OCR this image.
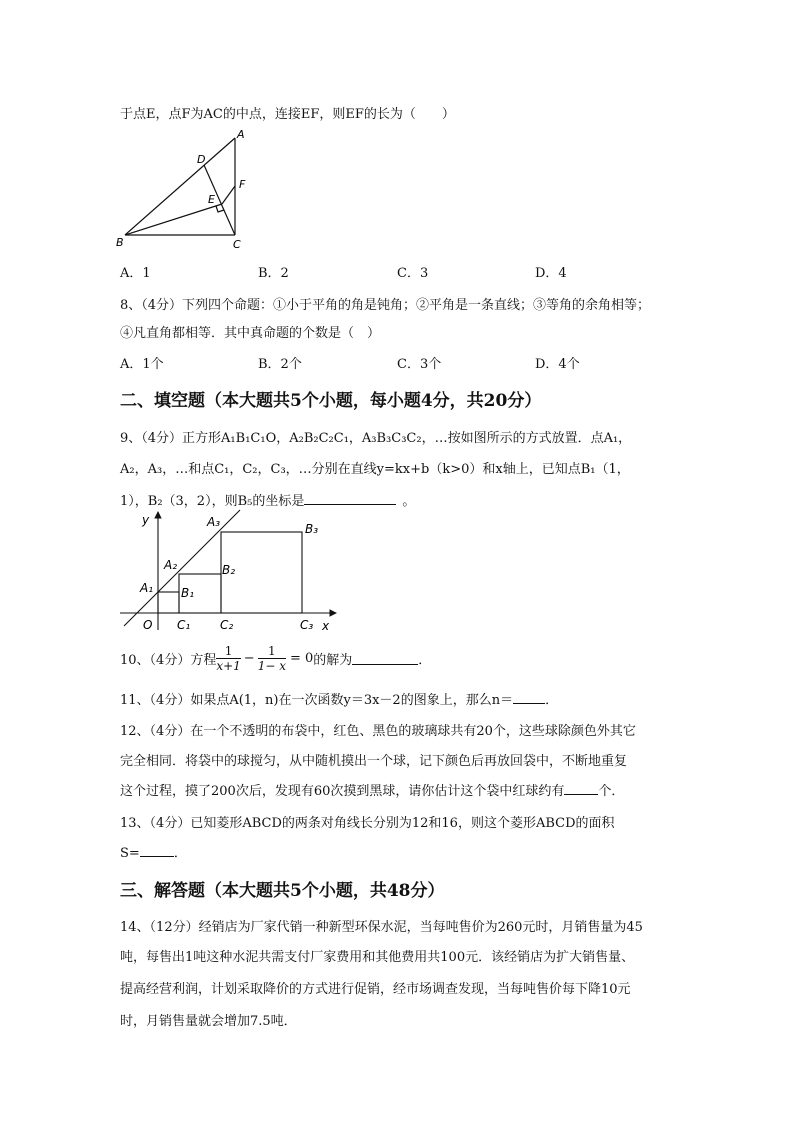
于点E，点F为AC的中点，连接EF，则EF的长为（　　）
A
B	C
D
E
F
A．1	B．2	C．3	D．4
8、（4分）下列四个命题：①小于平角的角是钝角；②平角是一条直线；③等角的余角相等；
④凡直角都相等．其中真命题的个数是（　）
A．1个	B．2个	C．3个	D．4个
二、填空题（本大题共5个小题，每小题4分，共20分）
9、（4分）正方形A₁B₁C₁O，A₂B₂C₂C₁，A₃B₃C₃C₂，…按如图所示的方式放置．点A₁，
A₂，A₃，…和点C₁，C₂，C₃，…分别在直线y=kx+b（k>0）和x轴上，已知点B₁（1，
1），B₂（3，2），则B₅的坐标是	。
y
x
O
A₁
A₂
A₃
B₁
B₂
B₃
C₁ C₂	C₃
10、（4分）方程 $\frac{1}{x+1} - \frac{1}{1- x} = 0$ 的解为	．
11、（4分）如果点A(1，n)在一次函数y＝3x－2的图象上，那么n＝ ．
12、（4分）在一个不透明的布袋中，红色、黑色的玻璃球共有20个，这些球除颜色外其它
完全相同．将袋中的球搅匀，从中随机摸出一个球，记下颜色后再放回袋中，不断地重复
这个过程，摸了200次后，发现有60次摸到黑球，请你估计这个袋中红球约有	个．
13、（4分）已知菱形ABCD的两条对角线长分别为12和16，则这个菱形ABCD的面积
S=	．
三、解答题（本大题共5个小题，共48分）
14、（12分）经销店为厂家代销一种新型环保水泥，当每吨售价为260元时，月销售量为45
吨，每售出1吨这种水泥共需支付厂家费用和其他费用共100元．该经销店为扩大销售量、
提高经营利润，计划采取降价的方式进行促销，经市场调查发现，当每吨售价每下降10元
时，月销售量就会增加7.5吨．
